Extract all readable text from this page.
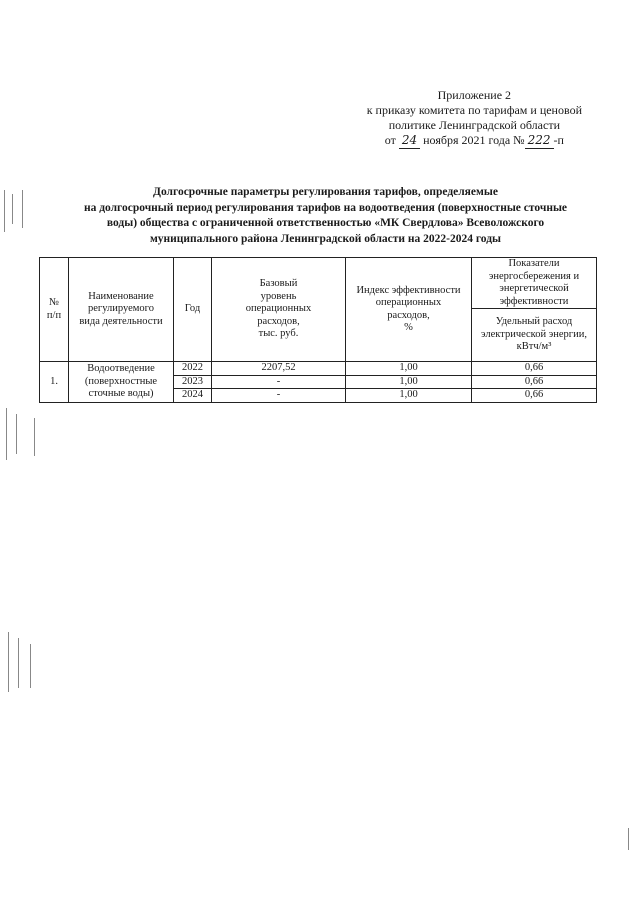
Приложение 2
к приказу комитета по тарифам и ценовой
политике Ленинградской области
от 24 ноября 2021 года № 222 -п
Долгосрочные параметры регулирования тарифов, определяемые
на долгосрочный период регулирования тарифов на водоотведения (поверхностные сточные
воды) общества с ограниченной ответственностью «МК Свердлова» Всеволожского
муниципального района Ленинградской области на 2022-2024 годы
№
п/п	Наименование
регулируемого
вида деятельности	Год	Базовый
уровень
операционных
расходов,
тыс. руб.	Индекс эффективности
операционных
расходов,
%	Показатели
энергосбережения и
энергетической
эффективности
					Удельный расход
электрической энергии,
кВтч/м³
1.	Водоотведение
(поверхностные
сточные воды)	2022	2207,52	1,00	0,66
		2023	-	1,00	0,66
		2024	-	1,00	0,66
